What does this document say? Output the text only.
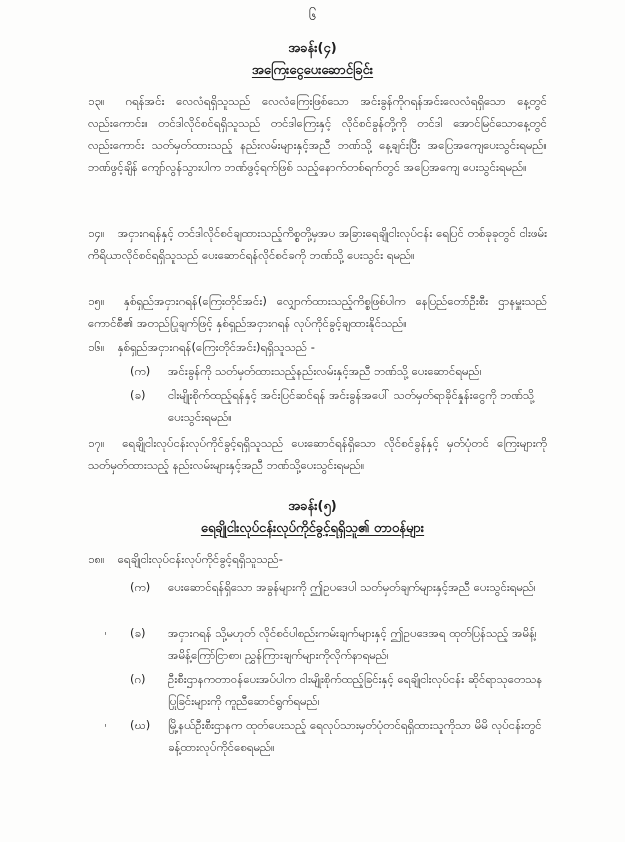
၆
အခန်း(၄)
အကြေးငွေပေးဆောင်ခြင်း
၁၃။ ဂရန်အင်း လေလံရရှိသူသည် လေလံကြေးဖြစ်သော အင်းခွန်ကိုဂရန်အင်းလေလံရရှိသော နေ့တွင်လည်းကောင်း။ တင်ဒါလိုင်စင်ရရှိသူသည် တင်ဒါကြေးနှင့် လိုင်စင်ခွန်တို့ကို တင်ဒါ အောင်မြင်သောနေ့တွင်လည်းကောင်း သတ်မှတ်ထားသည့် နည်းလမ်းများနှင့်အညီ ဘဏ်သို့ နေ့ချင်းပြီး အပြေအကျေပေးသွင်းရမည်။ ဘဏ်ဖွင့်ချိန် ကျော်လွန်သွားပါက ဘဏ်ဖွင့်ရက်ဖြစ် သည့်နောက်တစ်ရက်တွင် အပြေအကျေ ပေးသွင်းရမည်။
၁၄။ အငှားဂရန်နှင့် တင်ဒါလိုင်စင်ချထားသည့်ကိစ္စတို့မှအပ အခြားရေချိုငါးလုပ်ငန်း ရေပြင် တစ်ခုခုတွင် ငါးဖမ်းကိရိယာလိုင်စင်ရရှိသူသည် ပေးဆောင်ရန်လိုင်စင်ခကို ဘဏ်သို့ ပေးသွင်း ရမည်။
၁၅။ နှစ်ရှည်အငှားဂရန်(ကြေးတိုင်အင်း) လျှောက်ထားသည့်ကိစ္စဖြစ်ပါက နေပြည်တော်ဦးစီး ဌာနမှူးသည် ကောင်စီ၏ အတည်ပြုချက်ဖြင့် နှစ်ရှည်အငှားဂရန် လုပ်ကိုင်ခွင့်ချထားနိုင်သည်။
၁၆။ နှစ်ရှည်အငှားဂရန်(ကြေးတိုင်အင်း)ရရှိသူသည် -
(က) အင်းခွန်ကို သတ်မှတ်ထားသည့်နည်းလမ်းနှင့်အညီ ဘဏ်သို့ ပေးဆောင်ရမည်၊
(ခ) ငါးမျိုးစိုက်ထည့်ရန်နှင့် အင်းပြင်ဆင်ရန် အင်းခွန်အပေါ် သတ်မှတ်ရာခိုင်နှုန်းငွေကို ဘဏ်သို့ပေးသွင်းရမည်။
၁၇။ ရေချိုငါးလုပ်ငန်းလုပ်ကိုင်ခွင့်ရရှိသူသည် ပေးဆောင်ရန်ရှိသော လိုင်စင်ခွန်နှင့် မှတ်ပုံတင် ကြေးများကို သတ်မှတ်ထားသည့် နည်းလမ်းများနှင့်အညီ ဘဏ်သို့ပေးသွင်းရမည်။
အခန်း(၅)
ရေချိုငါးလုပ်ငန်းလုပ်ကိုင်ခွင့်ရရှိသူ၏ တာဝန်များ
၁၈။ ရေချိုငါးလုပ်ငန်းလုပ်ကိုင်ခွင့်ရရှိသူသည်-
(က) ပေးဆောင်ရန်ရှိသော အခွန်များကို ဤဥပဒေပါ သတ်မှတ်ချက်များနှင့်အညီ ပေးသွင်းရမည်၊
(ခ) အငှားဂရန် သို့မဟုတ် လိုင်စင်ပါစည်းကမ်းချက်များနှင့် ဤဥပဒေအရ ထုတ်ပြန်သည့် အမိန့်၊ အမိန့်ကြော်ငြာစာ၊ ညွှန်ကြားချက်များကိုလိုက်နာရမည်၊
(ဂ) ဦးစီးဌာနကတာဝန်ပေးအပ်ပါက ငါးမျိုးစိုက်ထည့်ခြင်းနှင့် ရေချိုငါးလုပ်ငန်း ဆိုင်ရာသုတေသနပြုခြင်းများကို ကူညီဆောင်ရွက်ရမည်၊
(ဃ) မြို့နယ်ဦးစီးဌာနက ထုတ်ပေးသည့် ရေလုပ်သားမှတ်ပုံတင်ရရှိထားသူကိုသာ မိမိ လုပ်ငန်းတွင် ခန့်ထားလုပ်ကိုင်စေရမည်။
'
'
